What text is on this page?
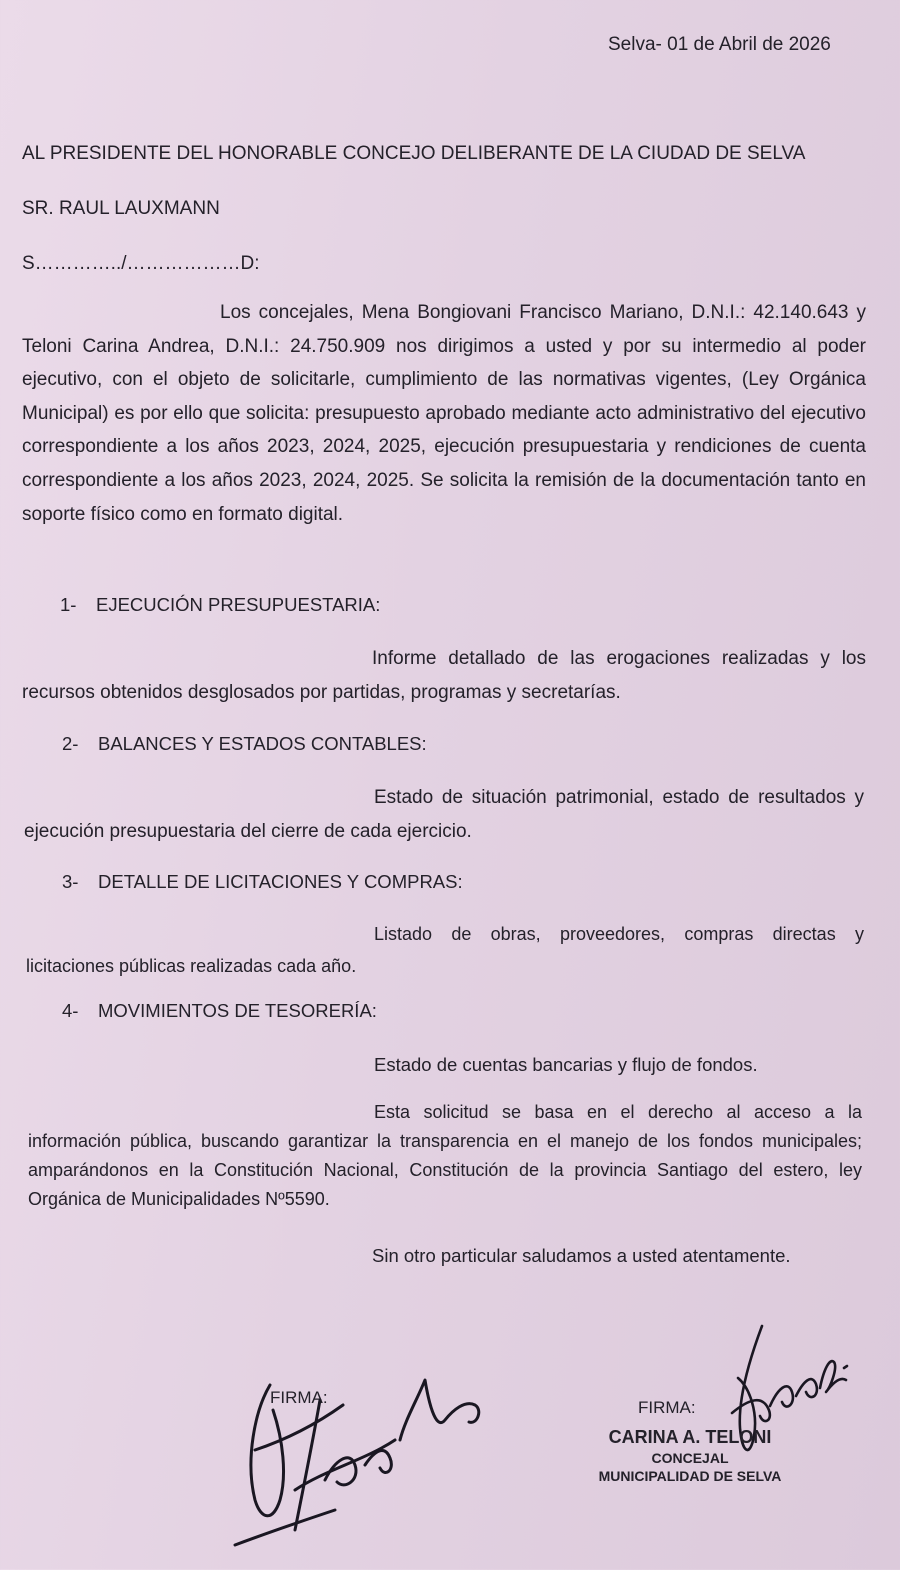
Selva- 01 de Abril de 2026
AL PRESIDENTE DEL HONORABLE CONCEJO DELIBERANTE DE LA CIUDAD DE SELVA
SR. RAUL LAUXMANN
S…………../………………D:
Los concejales, Mena Bongiovani Francisco Mariano, D.N.I.: 42.140.643 y Teloni Carina Andrea, D.N.I.: 24.750.909 nos dirigimos a usted y por su intermedio al poder ejecutivo, con el objeto de solicitarle, cumplimiento de las normativas vigentes, (Ley Orgánica Municipal) es por ello que solicita: presupuesto aprobado mediante acto administrativo del ejecutivo correspondiente a los años 2023, 2024, 2025, ejecución presupuestaria y rendiciones de cuenta correspondiente a los años 2023, 2024, 2025. Se solicita la remisión de la documentación tanto en soporte físico como en formato digital.
1- EJECUCIÓN PRESUPUESTARIA:
Informe detallado de las erogaciones realizadas y los recursos obtenidos desglosados por partidas, programas y secretarías.
2- BALANCES Y ESTADOS CONTABLES:
Estado de situación patrimonial, estado de resultados y ejecución presupuestaria del cierre de cada ejercicio.
3- DETALLE DE LICITACIONES Y COMPRAS:
Listado de obras, proveedores, compras directas y licitaciones públicas realizadas cada año.
4- MOVIMIENTOS DE TESORERÍA:
Estado de cuentas bancarias y flujo de fondos.
Esta solicitud se basa en el derecho al acceso a la información pública, buscando garantizar la transparencia en el manejo de los fondos municipales; amparándonos en la Constitución Nacional, Constitución de la provincia Santiago del estero, ley Orgánica de Municipalidades Nº5590.
Sin otro particular saludamos a usted atentamente.
FIRMA:
FIRMA:
CARINA A. TELONI
CONCEJAL
MUNICIPALIDAD DE SELVA
